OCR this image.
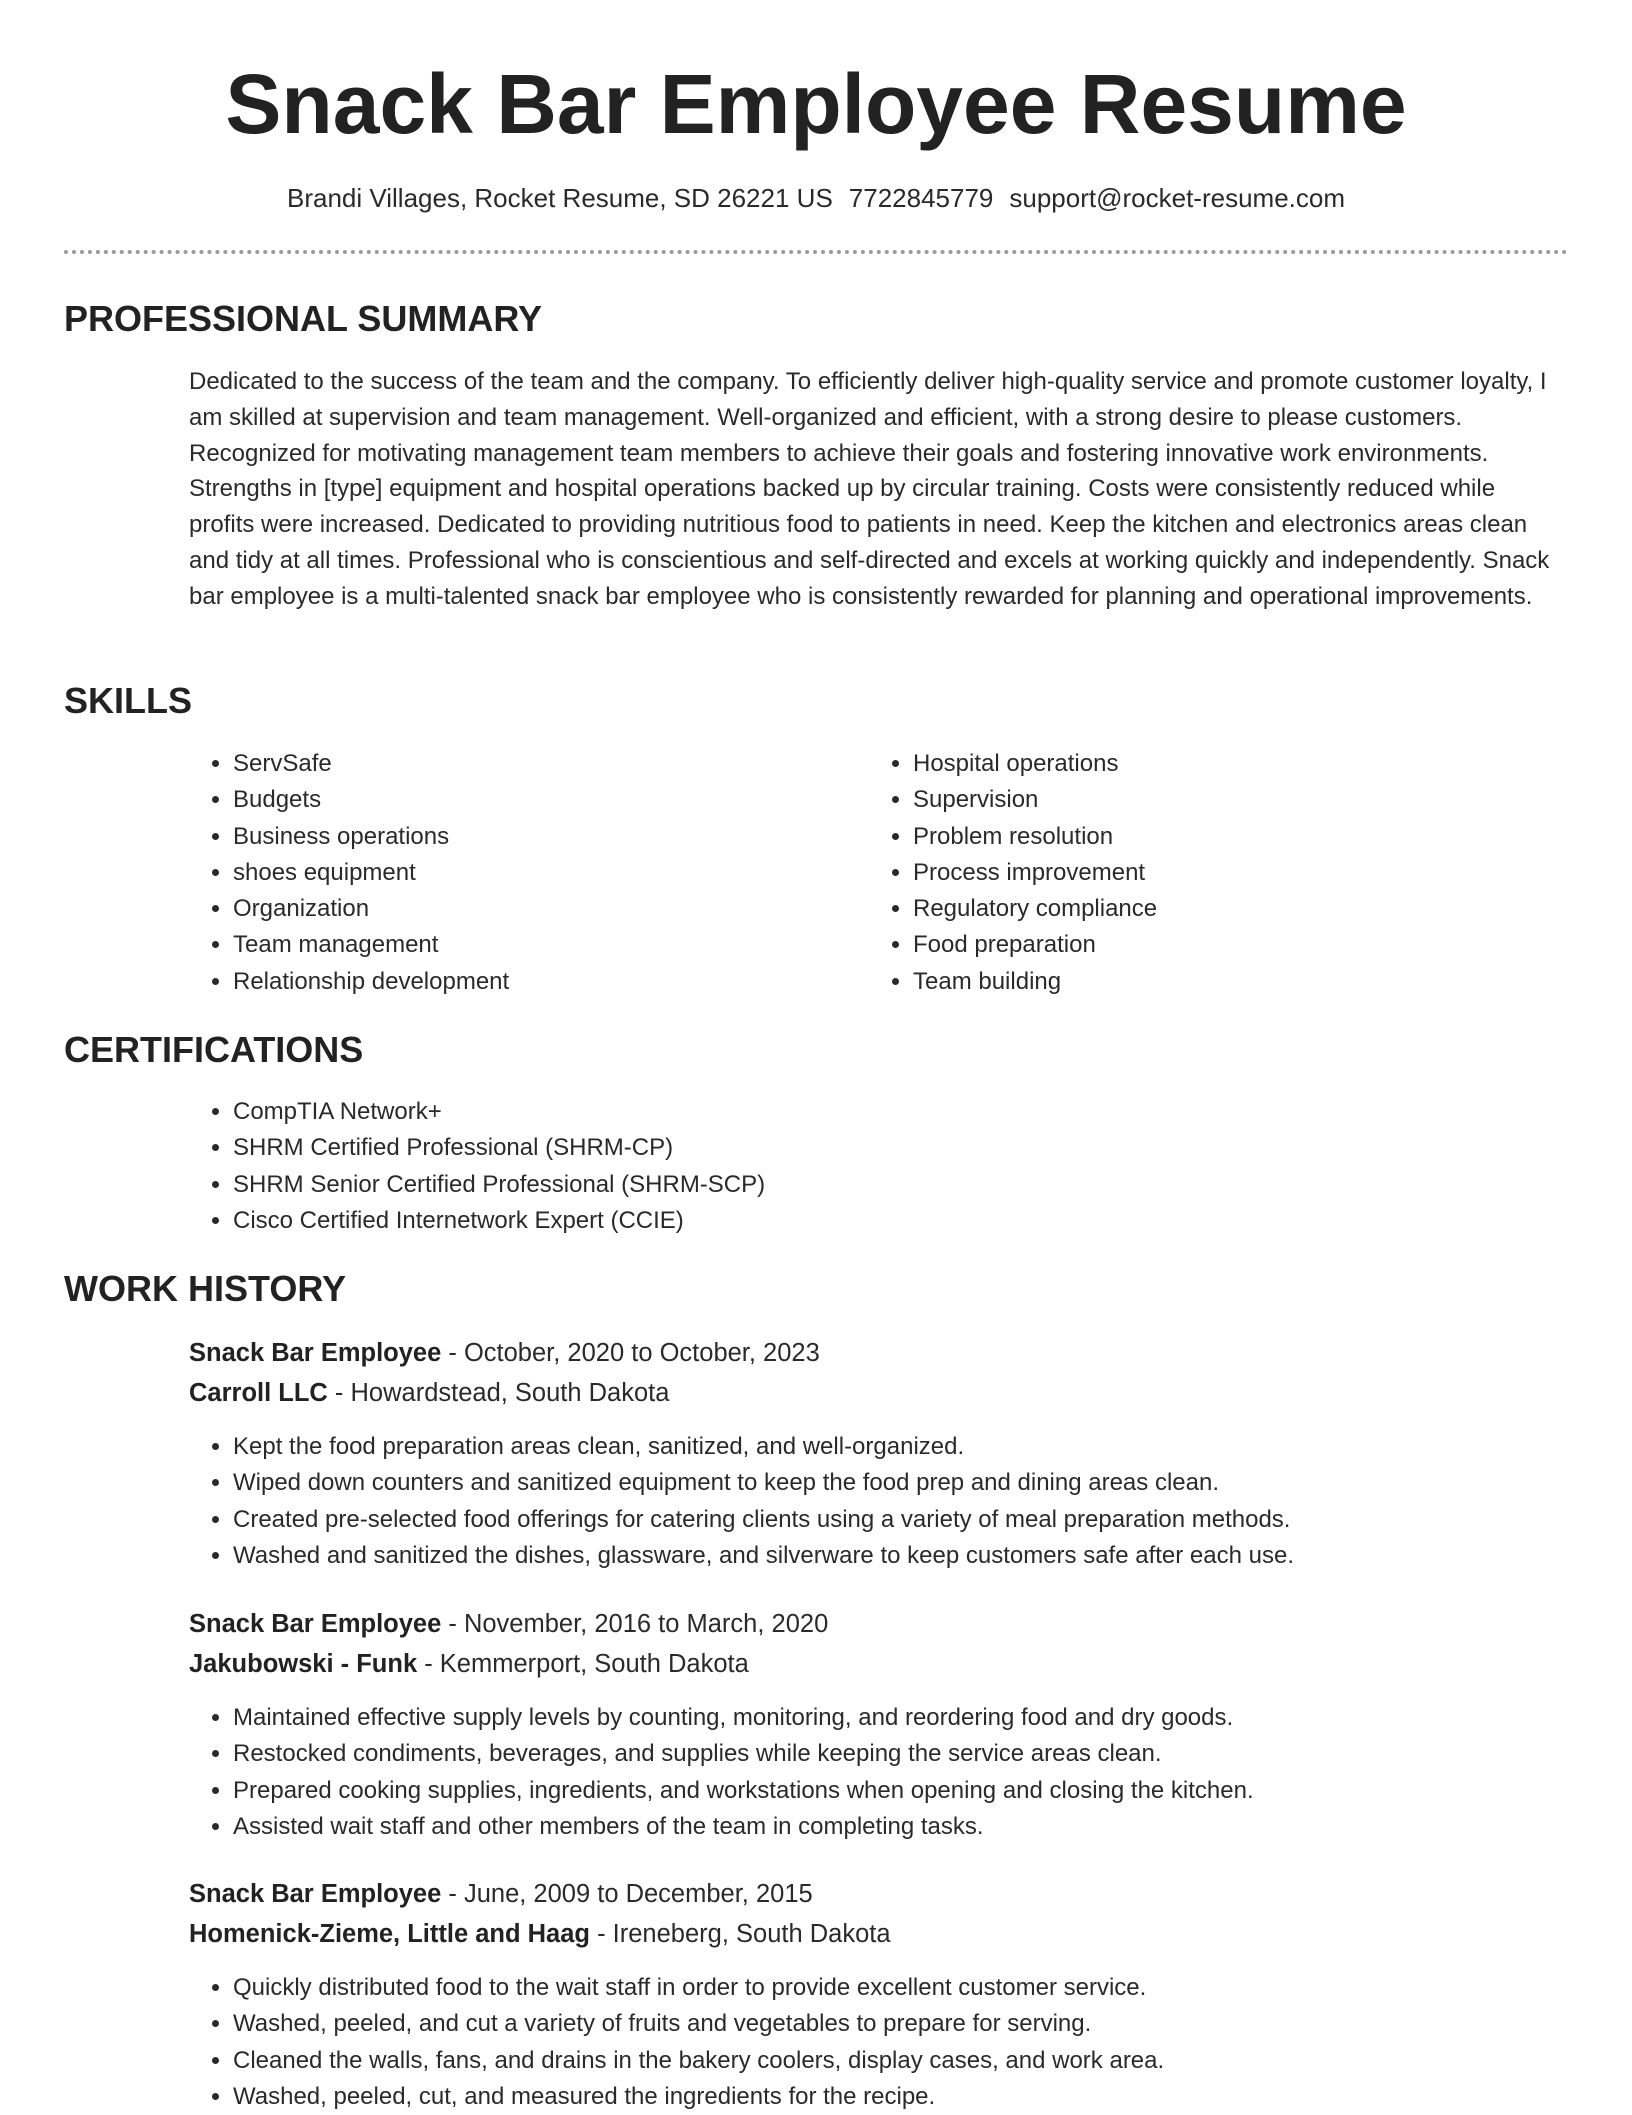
Snack Bar Employee Resume
Brandi Villages, Rocket Resume, SD 26221 US 7722845779 support@rocket-resume.com
PROFESSIONAL SUMMARY

Dedicated to the success of the team and the company. To efficiently deliver high-quality service and promote customer loyalty, I am skilled at supervision and team management. Well-organized and efficient, with a strong desire to please customers. Recognized for motivating management team members to achieve their goals and fostering innovative work environments. Strengths in [type] equipment and hospital operations backed up by circular training. Costs were consistently reduced while profits were increased. Dedicated to providing nutritious food to patients in need. Keep the kitchen and electronics areas clean and tidy at all times. Professional who is conscientious and self-directed and excels at working quickly and independently. Snack bar employee is a multi-talented snack bar employee who is consistently rewarded for planning and operational improvements.

SKILLS
• ServSafe
• Budgets
• Business operations
• shoes equipment
• Organization
• Team management
• Relationship development
• Hospital operations
• Supervision
• Problem resolution
• Process improvement
• Regulatory compliance
• Food preparation
• Team building
CERTIFICATIONS
• CompTIA Network+
• SHRM Certified Professional (SHRM-CP)
• SHRM Senior Certified Professional (SHRM-SCP)
• Cisco Certified Internetwork Expert (CCIE)
WORK HISTORY
Snack Bar Employee - October, 2020 to October, 2023
Carroll LLC - Howardstead, South Dakota
• Kept the food preparation areas clean, sanitized, and well-organized.
• Wiped down counters and sanitized equipment to keep the food prep and dining areas clean.
• Created pre-selected food offerings for catering clients using a variety of meal preparation methods.
• Washed and sanitized the dishes, glassware, and silverware to keep customers safe after each use.
Snack Bar Employee - November, 2016 to March, 2020
Jakubowski - Funk - Kemmerport, South Dakota
• Maintained effective supply levels by counting, monitoring, and reordering food and dry goods.
• Restocked condiments, beverages, and supplies while keeping the service areas clean.
• Prepared cooking supplies, ingredients, and workstations when opening and closing the kitchen.
• Assisted wait staff and other members of the team in completing tasks.
Snack Bar Employee - June, 2009 to December, 2015
Homenick-Zieme, Little and Haag - Ireneberg, South Dakota
• Quickly distributed food to the wait staff in order to provide excellent customer service.
• Washed, peeled, and cut a variety of fruits and vegetables to prepare for serving.
• Cleaned the walls, fans, and drains in the bakery coolers, display cases, and work area.
• Washed, peeled, cut, and measured the ingredients for the recipe.
